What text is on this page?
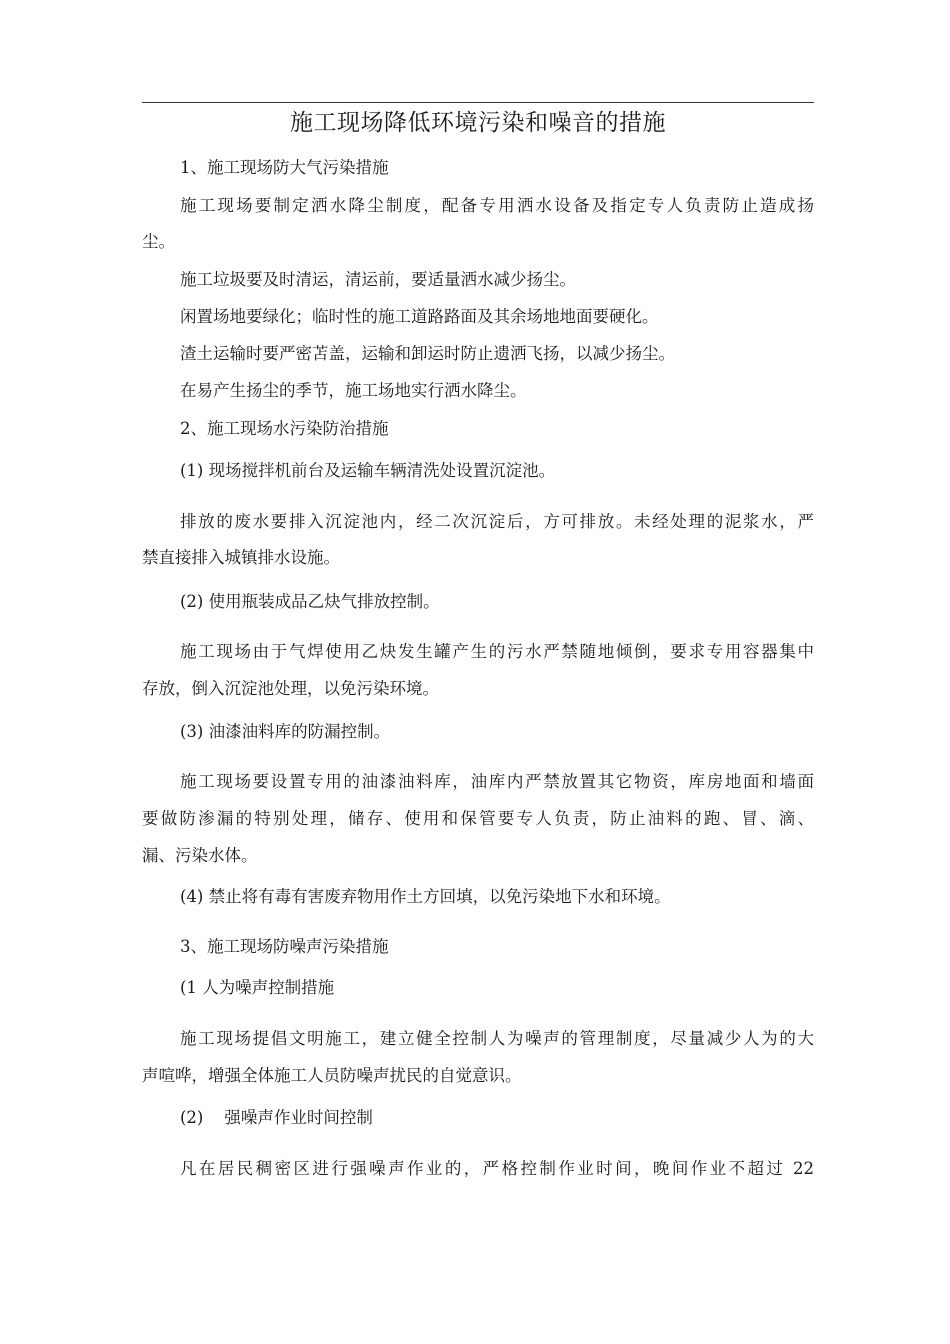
施工现场降低环境污染和噪音的措施
1、施工现场防大气污染措施
施工现场要制定洒水降尘制度，配备专用洒水设备及指定专人负责防止造成扬
尘。
施工垃圾要及时清运，清运前，要适量洒水减少扬尘。
闲置场地要绿化；临时性的施工道路路面及其余场地地面要硬化。
渣土运输时要严密苫盖，运输和卸运时防止遗洒飞扬，以减少扬尘。
在易产生扬尘的季节，施工场地实行洒水降尘。
2、施工现场水污染防治措施
(1) 现场搅拌机前台及运输车辆清洗处设置沉淀池。
排放的废水要排入沉淀池内，经二次沉淀后，方可排放。未经处理的泥浆水，严
禁直接排入城镇排水设施。
(2) 使用瓶装成品乙炔气排放控制。
施工现场由于气焊使用乙炔发生罐产生的污水严禁随地倾倒，要求专用容器集中
存放，倒入沉淀池处理，以免污染环境。
(3) 油漆油料库的防漏控制。
施工现场要设置专用的油漆油料库，油库内严禁放置其它物资，库房地面和墙面
要做防渗漏的特别处理，储存、使用和保管要专人负责，防止油料的跑、冒、滴、
漏、污染水体。
(4) 禁止将有毒有害废弃物用作土方回填，以免污染地下水和环境。
3、施工现场防噪声污染措施
(1 人为噪声控制措施
施工现场提倡文明施工，建立健全控制人为噪声的管理制度，尽量减少人为的大
声喧哗，增强全体施工人员防噪声扰民的自觉意识。
(2)    强噪声作业时间控制
凡在居民稠密区进行强噪声作业的，严格控制作业时间，晚间作业不超过 22
